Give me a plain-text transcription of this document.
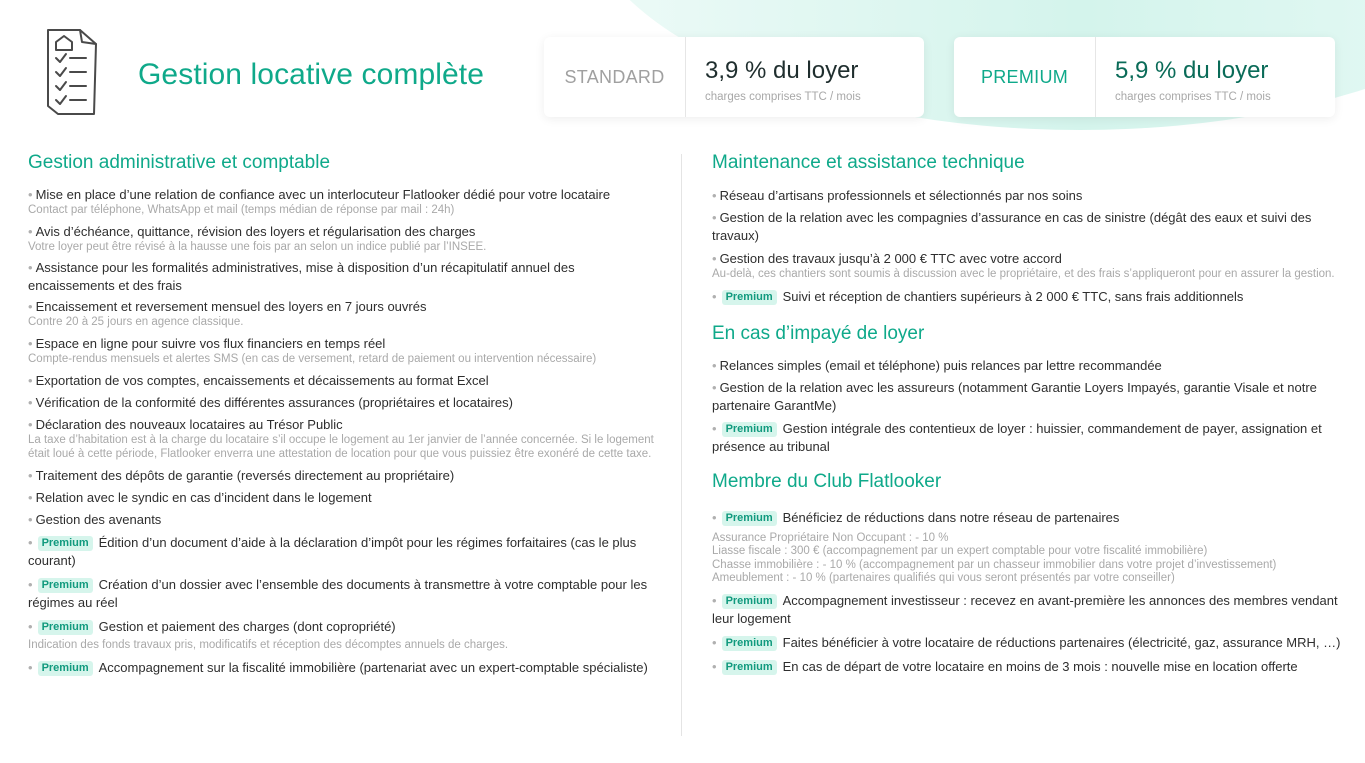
Gestion locative complète	STANDARD	3,9 % du loyer
charges comprises TTC / mois
PREMIUM	5,9 % du loyer
charges comprises TTC / mois
Gestion administrative et comptable
• Mise en place d’une relation de confiance avec un interlocuteur Flatlooker dédié pour votre locataire
Contact par téléphone, WhatsApp et mail (temps médian de réponse par mail : 24h)
• Avis d’échéance, quittance, révision des loyers et régularisation des charges
Votre loyer peut être révisé à la hausse une fois par an selon un indice publié par l’INSEE.
• Assistance pour les formalités administratives, mise à disposition d’un récapitulatif annuel des encaissements et des frais
• Encaissement et reversement mensuel des loyers en 7 jours ouvrés
Contre 20 à 25 jours en agence classique.
• Espace en ligne pour suivre vos flux financiers en temps réel
Compte-rendus mensuels et alertes SMS (en cas de versement, retard de paiement ou intervention nécessaire)
• Exportation de vos comptes, encaissements et décaissements au format Excel
• Vérification de la conformité des différentes assurances (propriétaires et locataires)
• Déclaration des nouveaux locataires au Trésor Public
La taxe d’habitation est à la charge du locataire s’il occupe le logement au 1er janvier de l’année concernée. Si le logement était loué à cette période, Flatlooker enverra une attestation de location pour que vous puissiez être exonéré de cette taxe.
• Traitement des dépôts de garantie (reversés directement au propriétaire)
• Relation avec le syndic en cas d’incident dans le logement
• Gestion des avenants
• Premium Édition d’un document d’aide à la déclaration d’impôt pour les régimes forfaitaires (cas le plus courant)
• Premium Création d’un dossier avec l’ensemble des documents à transmettre à votre comptable pour les régimes au réel
• Premium Gestion et paiement des charges (dont copropriété)
Indication des fonds travaux pris, modificatifs et réception des décomptes annuels de charges.
• Premium Accompagnement sur la fiscalité immobilière (partenariat avec un expert-comptable spécialiste)
Maintenance et assistance technique
• Réseau d’artisans professionnels et sélectionnés par nos soins
• Gestion de la relation avec les compagnies d’assurance en cas de sinistre (dégât des eaux et suivi des travaux)
• Gestion des travaux jusqu’à 2 000 € TTC avec votre accord
Au-delà, ces chantiers sont soumis à discussion avec le propriétaire, et des frais s’appliqueront pour en assurer la gestion.
• Premium Suivi et réception de chantiers supérieurs à 2 000 € TTC, sans frais additionnels
En cas d’impayé de loyer
• Relances simples (email et téléphone) puis relances par lettre recommandée
• Gestion de la relation avec les assureurs (notamment Garantie Loyers Impayés, garantie Visale et notre partenaire GarantMe)
• Premium Gestion intégrale des contentieux de loyer : huissier, commandement de payer, assignation et présence au tribunal
Membre du Club Flatlooker
• Premium Bénéficiez de réductions dans notre réseau de partenaires
Assurance Propriétaire Non Occupant : - 10 %
Liasse fiscale : 300 € (accompagnement par un expert comptable pour votre fiscalité immobilière)
Chasse immobilière : - 10 % (accompagnement par un chasseur immobilier dans votre projet d’investissement)
Ameublement : - 10 % (partenaires qualifiés qui vous seront présentés par votre conseiller)
• Premium Accompagnement investisseur : recevez en avant-première les annonces des membres vendant leur logement
• Premium Faites bénéficier à votre locataire de réductions partenaires (électricité, gaz, assurance MRH, …)
• Premium En cas de départ de votre locataire en moins de 3 mois : nouvelle mise en location offerte
